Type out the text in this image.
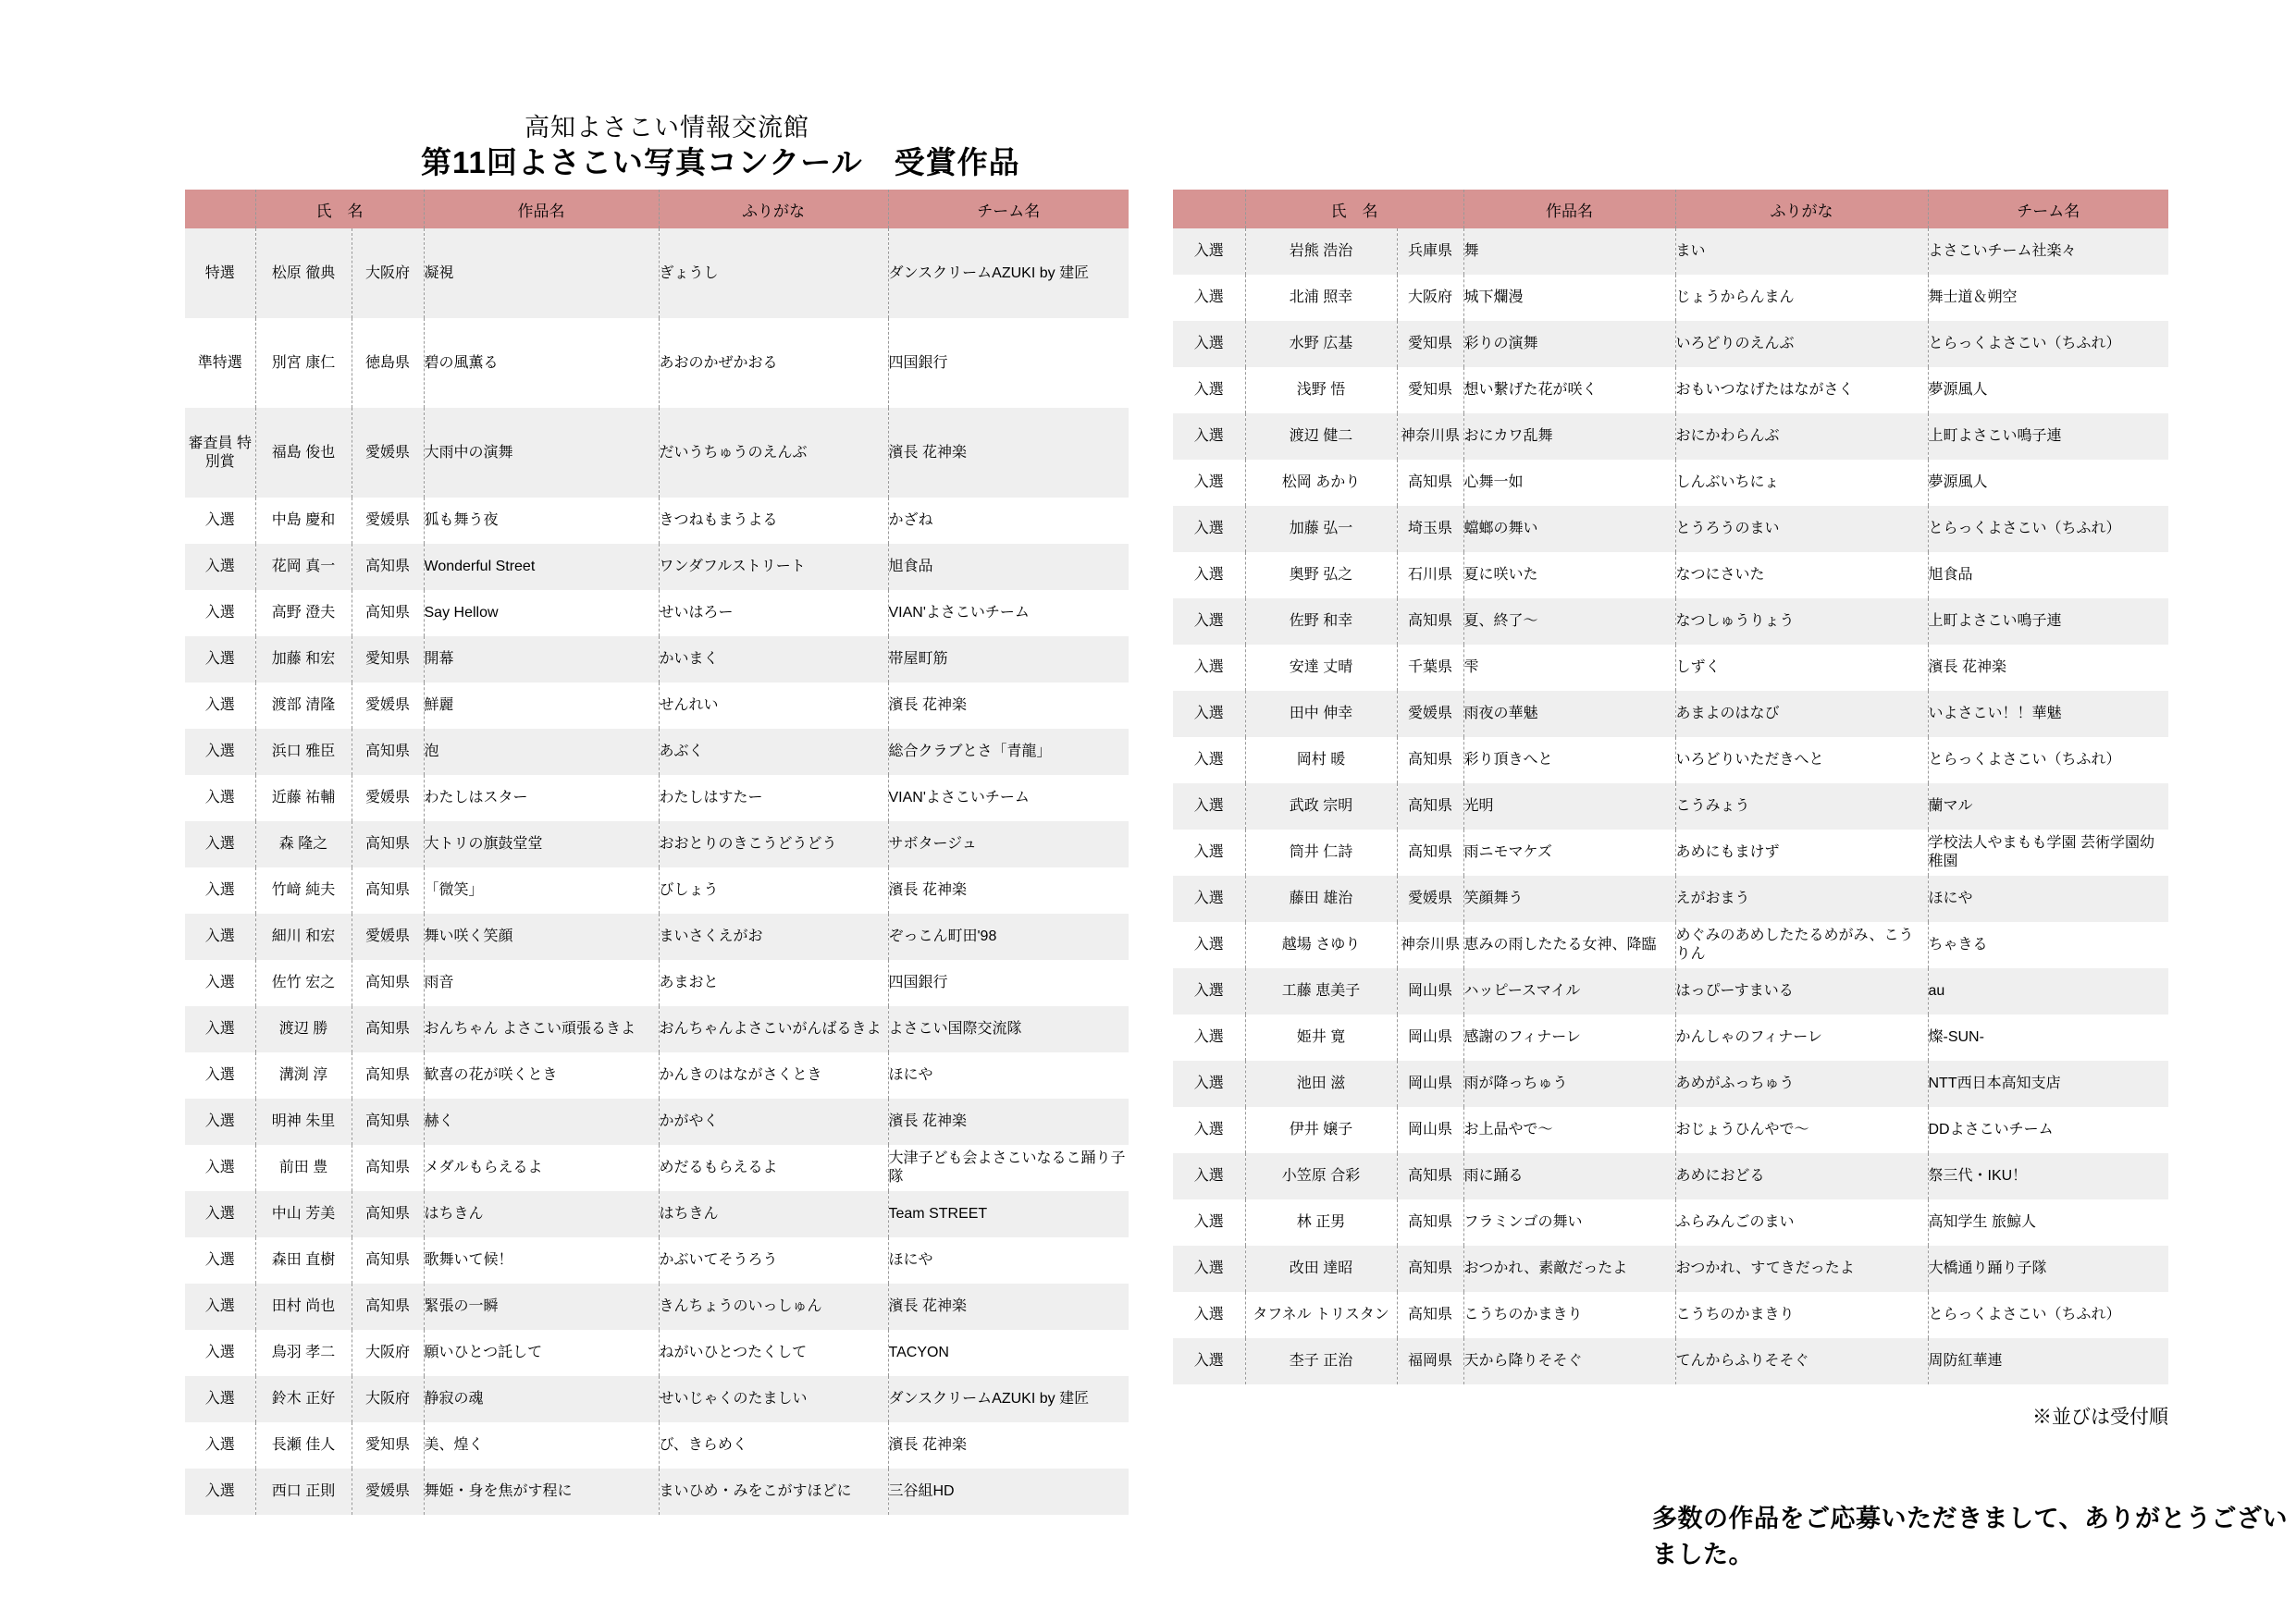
高知よさこい情報交流館
第11回よさこい写真コンクール　受賞作品
	氏　名		作品名	ふりがな	チーム名
特選	松原 徹典	大阪府	凝視	ぎょうし	ダンスクリームAZUKI by 建匠
準特選	別宮 康仁	徳島県	碧の風薫る	あおのかぜかおる	四国銀行
審査員 特別賞	福島 俊也	愛媛県	大雨中の演舞	だいうちゅうのえんぶ	濱長 花神楽
入選	中島 慶和	愛媛県	狐も舞う夜	きつねもまうよる	かざね
入選	花岡 真一	高知県	Wonderful Street	ワンダフルストリート	旭食品
入選	高野 澄夫	高知県	Say Hellow	せいはろー	VIAN'よさこいチーム
入選	加藤 和宏	愛知県	開幕	かいまく	帯屋町筋
入選	渡部 清隆	愛媛県	鮮麗	せんれい	濱長 花神楽
入選	浜口 雅臣	高知県	泡	あぶく	総合クラブとさ「青龍」
入選	近藤 祐輔	愛媛県	わたしはスター	わたしはすたー	VIAN'よさこいチーム
入選	森 隆之	高知県	大トリの旗鼓堂堂	おおとりのきこうどうどう	サボタージュ
入選	竹﨑 純夫	高知県	「微笑」	びしょう	濱長 花神楽
入選	細川 和宏	愛媛県	舞い咲く笑顔	まいさくえがお	ぞっこん町田'98
入選	佐竹 宏之	高知県	雨音	あまおと	四国銀行
入選	渡辺 勝	高知県	おんちゃん よさこい頑張るきよ	おんちゃんよさこいがんばるきよ	よさこい国際交流隊
入選	溝渕 淳	高知県	歓喜の花が咲くとき	かんきのはながさくとき	ほにや
入選	明神 朱里	高知県	赫く	かがやく	濱長 花神楽
入選	前田 豊	高知県	メダルもらえるよ	めだるもらえるよ	大津子ども会よさこいなるこ踊り子隊
入選	中山 芳美	高知県	はちきん	はちきん	Team STREET
入選	森田 直樹	高知県	歌舞いて候！	かぶいてそうろう	ほにや
入選	田村 尚也	高知県	緊張の一瞬	きんちょうのいっしゅん	濱長 花神楽
入選	鳥羽 孝二	大阪府	願いひとつ託して	ねがいひとつたくして	TACYON
入選	鈴木 正好	大阪府	静寂の魂	せいじゃくのたましい	ダンスクリームAZUKI by 建匠
入選	長瀬 佳人	愛知県	美、煌く	び、きらめく	濱長 花神楽
入選	西口 正則	愛媛県	舞姫・身を焦がす程に	まいひめ・みをこがすほどに	三谷組HD
	氏　名		作品名	ふりがな	チーム名
入選	岩熊 浩治	兵庫県	舞	まい	よさこいチーム社楽々
入選	北浦 照幸	大阪府	城下爛漫	じょうからんまん	舞士道＆朔空
入選	水野 広基	愛知県	彩りの演舞	いろどりのえんぶ	とらっくよさこい（ちふれ）
入選	浅野 悟	愛知県	想い繋げた花が咲く	おもいつなげたはながさく	夢源風人
入選	渡辺 健二	神奈川県	おにカワ乱舞	おにかわらんぶ	上町よさこい鳴子連
入選	松岡 あかり	高知県	心舞一如	しんぶいちにょ	夢源風人
入選	加藤 弘一	埼玉県	蟷螂の舞い	とうろうのまい	とらっくよさこい（ちふれ）
入選	奥野 弘之	石川県	夏に咲いた	なつにさいた	旭食品
入選	佐野 和幸	高知県	夏、終了～	なつしゅうりょう	上町よさこい鳴子連
入選	安達 丈晴	千葉県	雫	しずく	濱長 花神楽
入選	田中 伸幸	愛媛県	雨夜の華魅	あまよのはなび	いよさこい！！華魅
入選	岡村 暖	高知県	彩り頂きへと	いろどりいただきへと	とらっくよさこい（ちふれ）
入選	武政 宗明	高知県	光明	こうみょう	蘭マル
入選	筒井 仁詩	高知県	雨ニモマケズ	あめにもまけず	学校法人やまもも学園 芸術学園幼稚園
入選	藤田 雄治	愛媛県	笑顔舞う	えがおまう	ほにや
入選	越場 さゆり	神奈川県	恵みの雨したたる女神、降臨	めぐみのあめしたたるめがみ、こうりん	ちゃきる
入選	工藤 恵美子	岡山県	ハッピースマイル	はっぴーすまいる	au
入選	姫井 寛	岡山県	感謝のフィナーレ	かんしゃのフィナーレ	燦-SUN-
入選	池田 滋	岡山県	雨が降っちゅう	あめがふっちゅう	NTT西日本高知支店
入選	伊井 嬢子	岡山県	お上品やで～	おじょうひんやで～	DDよさこいチーム
入選	小笠原 合彩	高知県	雨に踊る	あめにおどる	祭三代・IKU！
入選	林 正男	高知県	フラミンゴの舞い	ふらみんごのまい	高知学生 旅鯨人
入選	改田 達昭	高知県	おつかれ、素敵だったよ	おつかれ、すてきだったよ	大橋通り踊り子隊
入選	タフネル トリスタン	高知県	こうちのかまきり	こうちのかまきり	とらっくよさこい（ちふれ）
入選	杢子 正治	福岡県	天から降りそそぐ	てんからふりそそぐ	周防紅華連
※並びは受付順
多数の作品をご応募いただきまして、ありがとうございました。
